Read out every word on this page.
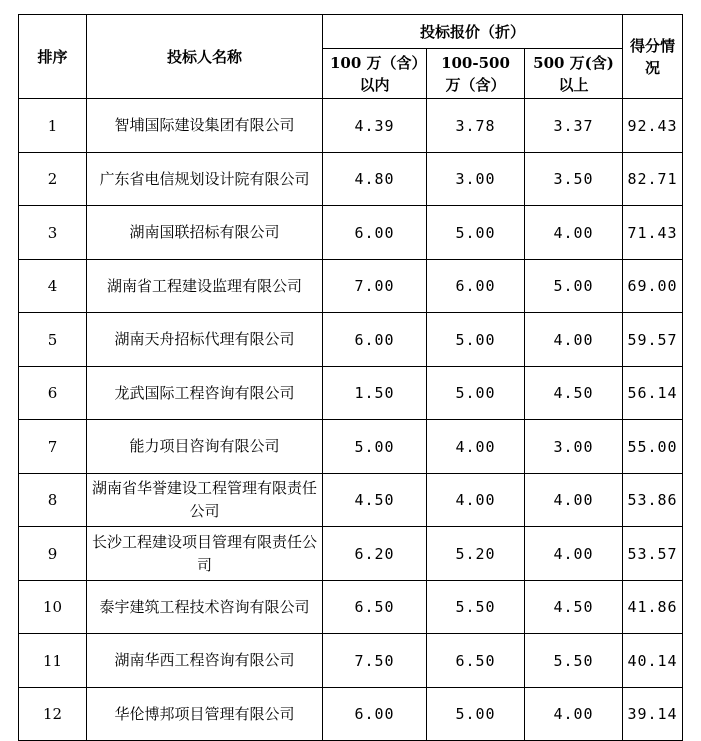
排序	投标人名称	投标报价（折）			得分情况
		100 万（含）以内	100-500 万（含）	500 万(含)以上	
1	智埔国际建设集团有限公司	4.39	3.78	3.37	92.43
2	广东省电信规划设计院有限公司	4.80	3.00	3.50	82.71
3	湖南国联招标有限公司	6.00	5.00	4.00	71.43
4	湖南省工程建设监理有限公司	7.00	6.00	5.00	69.00
5	湖南天舟招标代理有限公司	6.00	5.00	4.00	59.57
6	龙武国际工程咨询有限公司	1.50	5.00	4.50	56.14
7	能力项目咨询有限公司	5.00	4.00	3.00	55.00
8	湖南省华誉建设工程管理有限责任公司	4.50	4.00	4.00	53.86
9	长沙工程建设项目管理有限责任公司	6.20	5.20	4.00	53.57
10	泰宇建筑工程技术咨询有限公司	6.50	5.50	4.50	41.86
11	湖南华西工程咨询有限公司	7.50	6.50	5.50	40.14
12	华伦博邦项目管理有限公司	6.00	5.00	4.00	39.14
